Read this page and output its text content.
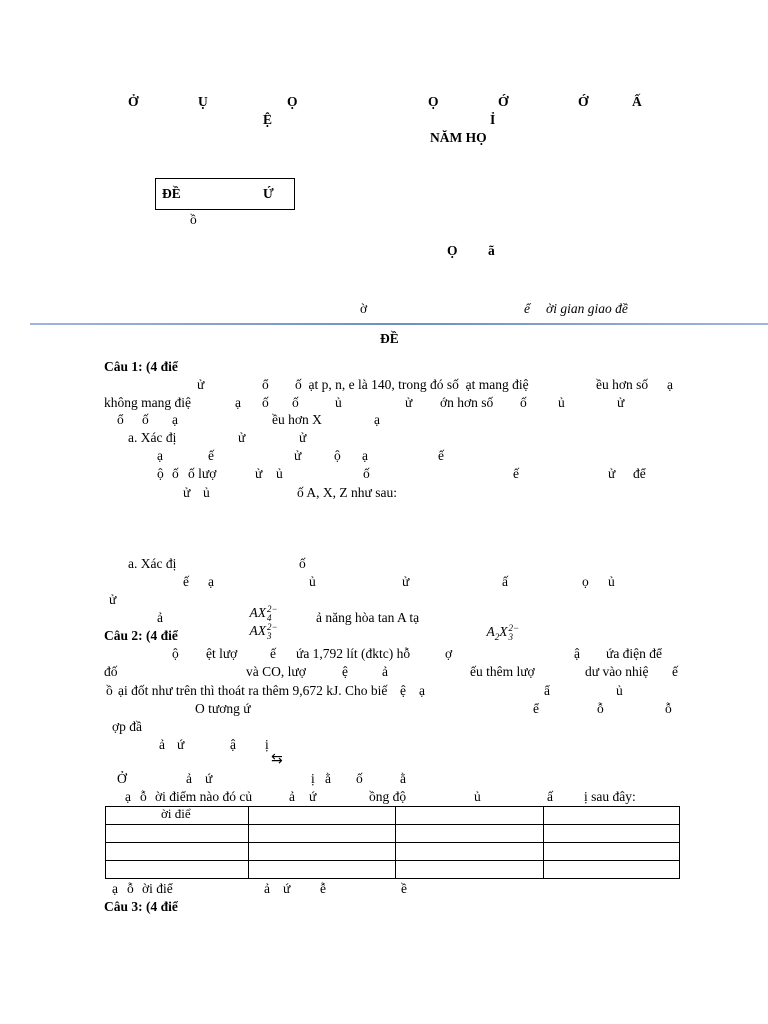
Ở	Ụ	Ọ	Ọ	Ớ	Ớ	Ấ
Ệ	Ỉ
NĂM HỌ
ĐỀ	Ứ
ồ
Ọ ã
ờ	ể ời gian giao đề
ĐỀ
Câu 1: (4 điể
ử	ổ ố  ạt p, n, e là 140, trong đó số  ạt mang điệ	ều hơn số ạ
không mang điệ	ạ ố ố	ủ	ử ớn hơn số ố ủ	ử
ổ ố ạ	ều hơn X	ạ
a. Xác đị	ử	ử
ạ	ế	ử ộ ạ	ế
ộ ố ố lượ	ử ủ	ố	ế	ử để
ử ủ	ố A, X, Z như sau:
a. Xác đị	ố
ế ạ	ủ	ử	ấ	ọ ủ
ử
ả	ả năng hòa tan A tạ

AX 2−
4

AX 2−
3	$A_2X$ 2−
3

Câu 2: (4 điể
ộ ệt lượ ế ứa 1,792 lít (đktc) hỗ	ợ	ậ ứa điện để
đố	và CO, lượ	ệ	ả	ếu thêm lượ	dư vào nhiệ ế
ồ ại đốt như trên thì thoát ra thêm 9,672 kJ. Cho biế ệ ạ	ẩ	ủ
O tương ứ	ể	ỗ	ỗ
ợp đầ
ả ứ	ậ ị
⇆
Ở	ả ứ	ị ằ ố	ằ
ạ ỗ ời điểm nào đó củ	ả ứ	ồng độ	ủ	ấ ị sau đây:
ời điể			

ạ ỗ ời điể	ả ứ ễ	ề
Câu 3: (4 điể
